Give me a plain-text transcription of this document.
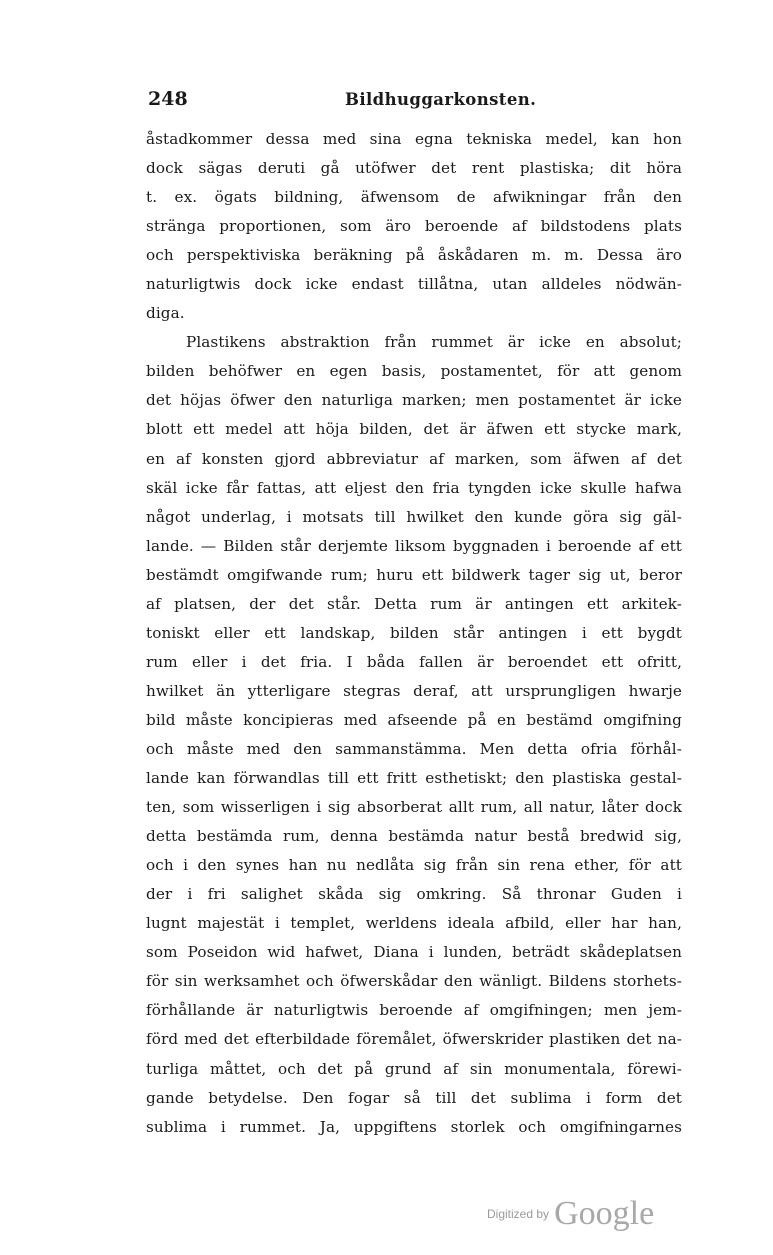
248	Bildhuggarkonsten.
åstadkommer dessa med sina egna tekniska medel, kan hon
dock sägas deruti gå utöfwer det rent plastiska; dit höra
t. ex. ögats bildning, äfwensom de afwikningar från den
stränga proportionen, som äro beroende af bildstodens plats
och perspektiviska beräkning på åskådaren m. m. Dessa äro
naturligtwis dock icke endast tillåtna, utan alldeles nödwän-
diga.
Plastikens abstraktion från rummet är icke en absolut;
bilden behöfwer en egen basis, postamentet, för att genom
det höjas öfwer den naturliga marken; men postamentet är icke
blott ett medel att höja bilden, det är äfwen ett stycke mark,
en af konsten gjord abbreviatur af marken, som äfwen af det
skäl icke får fattas, att eljest den fria tyngden icke skulle hafwa
något underlag, i motsats till hwilket den kunde göra sig gäl-
lande. — Bilden står derjemte liksom byggnaden i beroende af ett
bestämdt omgifwande rum; huru ett bildwerk tager sig ut, beror
af platsen, der det står. Detta rum är antingen ett arkitek-
toniskt eller ett landskap, bilden står antingen i ett bygdt
rum eller i det fria. I båda fallen är beroendet ett ofritt,
hwilket än ytterligare stegras deraf, att ursprungligen hwarje
bild måste koncipieras med afseende på en bestämd omgifning
och måste med den sammanstämma. Men detta ofria förhål-
lande kan förwandlas till ett fritt esthetiskt; den plastiska gestal-
ten, som wisserligen i sig absorberat allt rum, all natur, låter dock
detta bestämda rum, denna bestämda natur bestå bredwid sig,
och i den synes han nu nedlåta sig från sin rena ether, för att
der i fri salighet skåda sig omkring. Så thronar Guden i
lugnt majestät i templet, werldens ideala afbild, eller har han,
som Poseidon wid hafwet, Diana i lunden, beträdt skådeplatsen
för sin werksamhet och öfwerskådar den wänligt. Bildens storhets-
förhållande är naturligtwis beroende af omgifningen; men jem-
förd med det efterbildade föremålet, öfwerskrider plastiken det na-
turliga måttet, och det på grund af sin monumentala, förewi-
gande betydelse. Den fogar så till det sublima i form det
sublima i rummet. Ja, uppgiftens storlek och omgifningarnes
Digitized by Google
